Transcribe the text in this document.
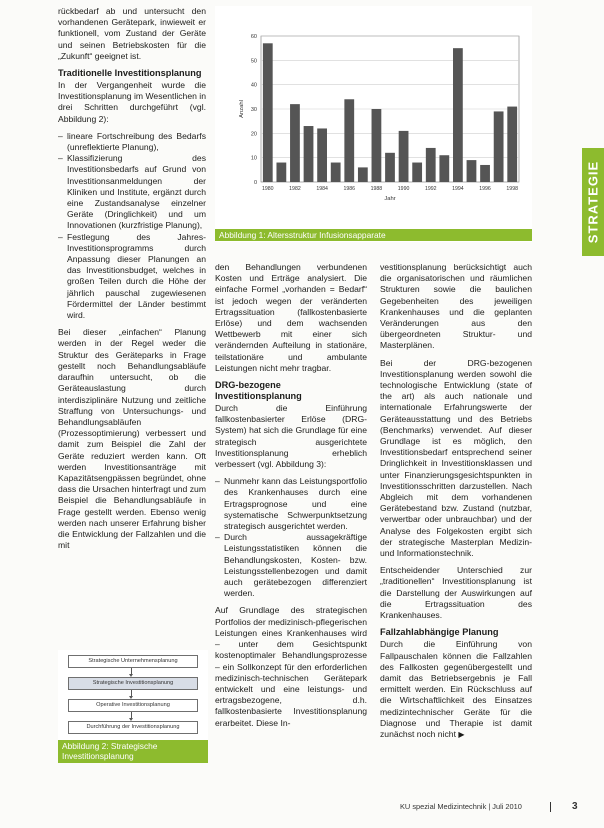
rückbedarf ab und untersucht den vorhandenen Gerätepark, inwieweit er funktionell, vom Zustand der Geräte und seinen Betriebskosten für die „Zukunft“ geeignet ist.

Traditionelle Investitionsplanung

In der Vergangenheit wurde die Investitionsplanung im Wesentlichen in drei Schritten durchgeführt (vgl. Abbildung 2):

– lineare Fortschreibung des Bedarfs (unreflektierte Planung),
– Klassifizierung des Investitionsbedarfs auf Grund von Investitionsanmeldungen der Kliniken und Institute, ergänzt durch eine Zustandsanalyse einzelner Geräte (Dringlichkeit) und um Innovationen (kurzfristige Planung),
– Festlegung des Jahres-Investitionsprogramms durch Anpassung dieser Planungen an das Investitionsbudget, welches in großen Teilen durch die Höhe der jährlich pauschal zugewiesenen Fördermittel der Länder bestimmt wird.

Bei dieser „einfachen“ Planung werden in der Regel weder die Struktur des Geräteparks in Frage gestellt noch Behandlungsabläufe daraufhin untersucht, ob die Geräteauslastung durch interdisziplinäre Nutzung und zeitliche Straffung von Untersuchungs- und Behandlungsabläufen (Prozessoptimierung) verbessert und damit zum Beispiel die Zahl der Geräte reduziert werden kann. Oft werden Investitionsanträge mit Kapazitätsengpässen begründet, ohne dass die Ursachen hinterfragt und zum Beispiel die Behandlungsabläufe in Frage gestellt werden. Ebenso wenig werden nach unserer Erfahrung bisher die Entwicklung der Fallzahlen und die mit

0
10
20
30
40
50
60
1980	1982	1984	1986	1988	1990	1992	1994	1996	1998
Anzahl
Jahr
Abbildung 1: Altersstruktur Infusionsapparate

den Behandlungen verbundenen Kosten und Erträge analysiert. Die einfache Formel „vorhanden = Bedarf“ ist jedoch wegen der veränderten Ertragssituation (fallkostenbasierte Erlöse) und dem wachsenden Wettbewerb mit einer sich verändernden Aufteilung in stationäre, teilstationäre und ambulante Leistungen nicht mehr tragbar.

DRG-bezogene Investitionsplanung

Durch die Einführung fallkostenbasierter Erlöse (DRG-System) hat sich die Grundlage für eine strategisch ausgerichtete Investitionsplanung erheblich verbessert (vgl. Abbildung 3):

– Nunmehr kann das Leistungsportfolio des Krankenhauses durch eine Ertragsprognose und eine systematische Schwerpunktsetzung strategisch ausgerichtet werden.
– Durch aussagekräftige Leistungsstatistiken können die Behandlungskosten, Kosten- bzw. Leistungsstellenbezogen und damit auch gerätebezogen differenziert werden.

Auf Grundlage des strategischen Portfolios der medizinisch-pflegerischen Leistungen eines Krankenhauses wird – unter dem Gesichtspunkt kostenoptimaler Behandlungsprozesse – ein Sollkonzept für den erforderlichen medizinisch-technischen Gerätepark entwickelt und eine leistungs- und ertragsbezogene, d.h. fallkostenbasierte Investitionsplanung erarbeitet. Diese In-

vestitionsplanung berücksichtigt auch die organisatorischen und räumlichen Strukturen sowie die baulichen Gegebenheiten des jeweiligen Krankenhauses und die geplanten Veränderungen aus den übergeordneten Struktur- und Masterplänen.

Bei der DRG-bezogenen Investitionsplanung werden sowohl die technologische Entwicklung (state of the art) als auch nationale und internationale Erfahrungswerte der Geräteausstattung und des Betriebs (Benchmarks) verwendet. Auf dieser Grundlage ist es möglich, den Investitionsbedarf entsprechend seiner Dringlichkeit in Investitionsklassen und unter Finanzierungsgesichtspunkten in Investitionsschritten darzustellen. Nach Abgleich mit dem vorhandenen Gerätebestand bzw. Zustand (nutzbar, verwertbar oder unbrauchbar) und der Analyse des Folgekosten ergibt sich der strategische Masterplan Medizin- und Informationstechnik.

Entscheidender Unterschied zur „traditionellen“ Investitionsplanung ist die Darstellung der Auswirkungen auf die Ertragssituation des Krankenhauses.

Fallzahlabhängige Planung

Durch die Einführung von Fallpauschalen können die Fallzahlen des Fallkosten gegenübergestellt und damit das Betriebsergebnis je Fall ermittelt werden. Ein Rückschluss auf die Wirtschaftlichkeit des Einsatzes medizintechnischer Geräte für die Diagnose und Therapie ist damit zunächst noch nicht ▶

Strategische Unternehmensplanung
Strategische Investitionsplanung
Operative Investitionsplanung
Durchführung der Investitionsplanung
Abbildung 2: Strategische Investitionsplanung
STRATEGIE
KU spezial Medizintechnik | Juli 2010	3
